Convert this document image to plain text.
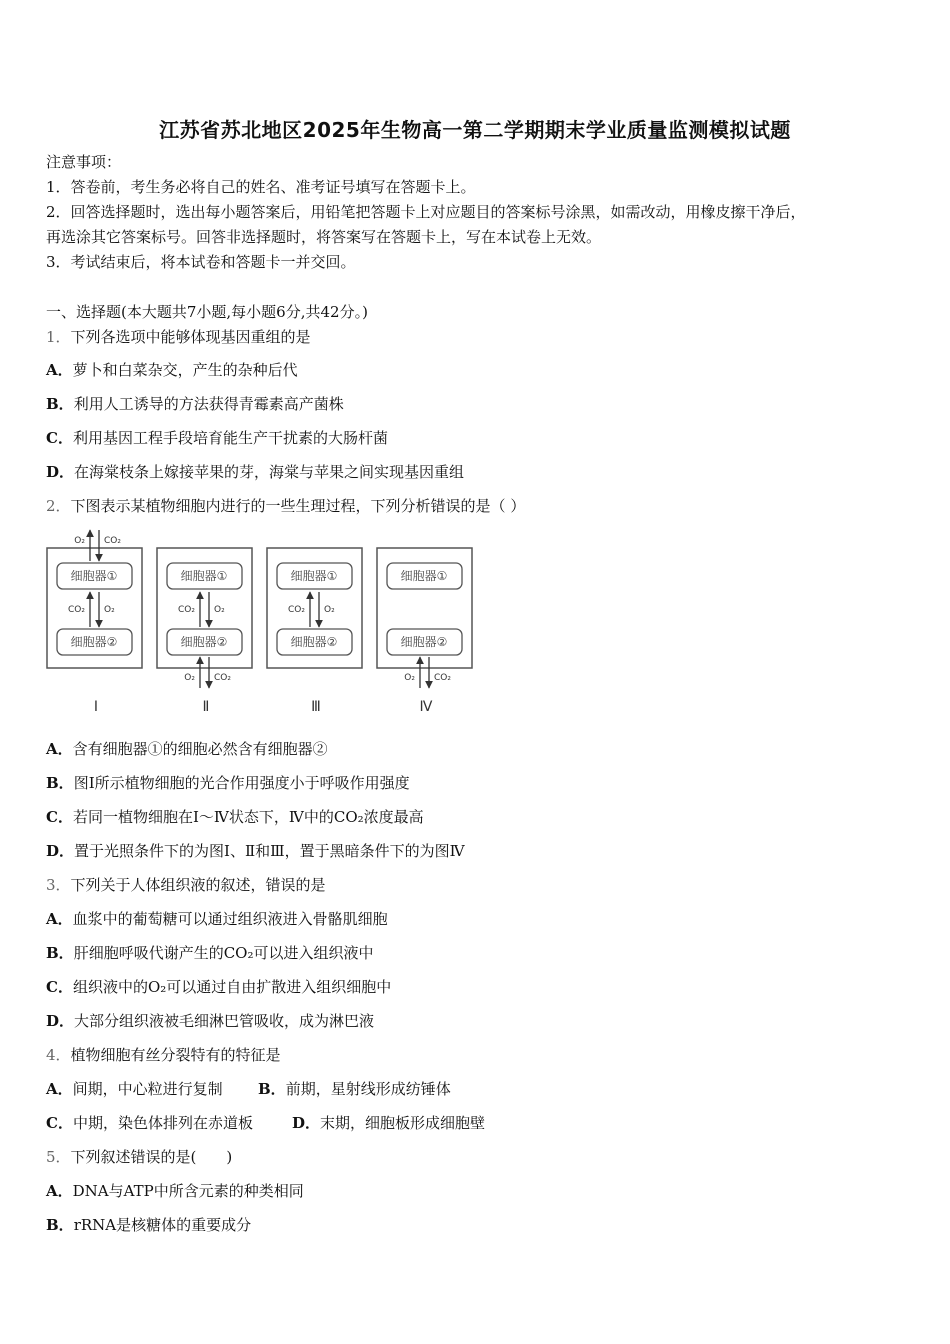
江苏省苏北地区2025年生物高一第二学期期末学业质量监测模拟试题
注意事项：
1．答卷前，考生务必将自己的姓名、准考证号填写在答题卡上。
2．回答选择题时，选出每小题答案后，用铅笔把答题卡上对应题目的答案标号涂黑，如需改动，用橡皮擦干净后，
再选涂其它答案标号。回答非选择题时，将答案写在答题卡上，写在本试卷上无效。
3．考试结束后，将本试卷和答题卡一并交回。
一、选择题(本大题共7小题,每小题6分,共42分。)
1．下列各选项中能够体现基因重组的是
A．萝卜和白菜杂交，产生的杂种后代
B．利用人工诱导的方法获得青霉素高产菌株
C．利用基因工程手段培育能生产干扰素的大肠杆菌
D．在海棠枝条上嫁接苹果的芽，海棠与苹果之间实现基因重组
2．下图表示某植物细胞内进行的一些生理过程，下列分析错误的是（ ）
细胞器①
细胞器②
CO₂ O₂
O₂ CO₂
Ⅰ
细胞器①
细胞器②
CO₂ O₂
O₂ CO₂
Ⅱ
细胞器①
细胞器②
CO₂ O₂
Ⅲ
细胞器①
细胞器②
O₂ CO₂
Ⅳ
A．含有细胞器①的细胞必然含有细胞器②
B．图Ⅰ所示植物细胞的光合作用强度小于呼吸作用强度
C．若同一植物细胞在Ⅰ～Ⅳ状态下，Ⅳ中的CO₂浓度最高
D．置于光照条件下的为图Ⅰ、Ⅱ和Ⅲ，置于黑暗条件下的为图Ⅳ
3．下列关于人体组织液的叙述，错误的是
A．血浆中的葡萄糖可以通过组织液进入骨骼肌细胞
B．肝细胞呼吸代谢产生的CO₂可以进入组织液中
C．组织液中的O₂可以通过自由扩散进入组织细胞中
D．大部分组织液被毛细淋巴管吸收，成为淋巴液
4．植物细胞有丝分裂特有的特征是
A．间期，中心粒进行复制 B．前期，星射线形成纺锤体
C．中期，染色体排列在赤道板	D．末期，细胞板形成细胞壁
5．下列叙述错误的是(　　)
A．DNA与ATP中所含元素的种类相同
B．rRNA是核糖体的重要成分
